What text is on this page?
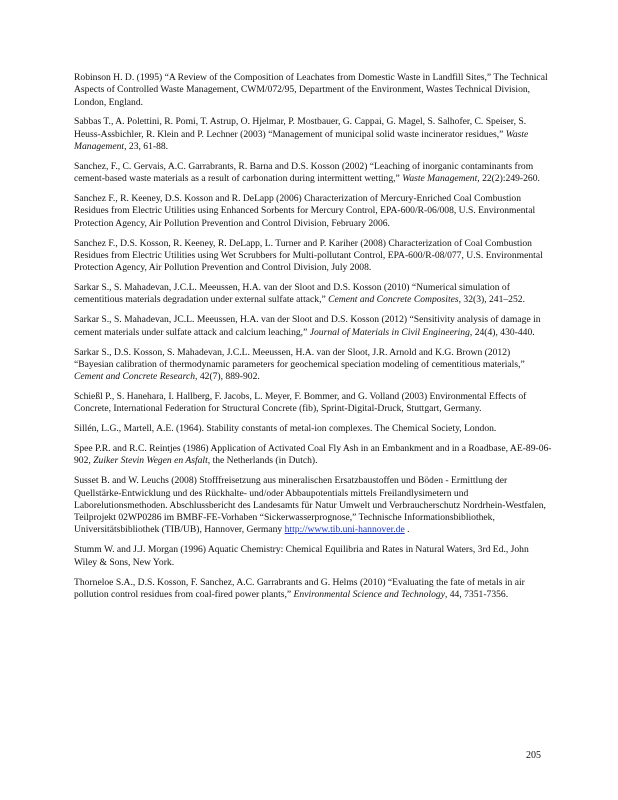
Robinson H. D. (1995) “A Review of the Composition of Leachates from Domestic Waste in Landfill Sites,” The Technical Aspects of Controlled Waste Management, CWM/072/95, Department of the Environment, Wastes Technical Division, London, England.
Sabbas T., A. Polettini, R. Pomi, T. Astrup, O. Hjelmar, P. Mostbauer, G. Cappai, G. Magel, S. Salhofer, C. Speiser, S. Heuss‐Assbichler, R. Klein and P. Lechner (2003) “Management of municipal solid waste incinerator residues,” Waste Management, 23, 61‐88.
Sanchez, F., C. Gervais, A.C. Garrabrants, R. Barna and D.S. Kosson (2002) “Leaching of inorganic contaminants from cement‐based waste materials as a result of carbonation during intermittent wetting,” Waste Management, 22(2):249‐260.
Sanchez F., R. Keeney, D.S. Kosson and R. DeLapp (2006) Characterization of Mercury‐Enriched Coal Combustion Residues from Electric Utilities using Enhanced Sorbents for Mercury Control, EPA‐600/R‐06/008, U.S. Environmental Protection Agency, Air Pollution Prevention and Control Division, February 2006.
Sanchez F., D.S. Kosson, R. Keeney, R. DeLapp, L. Turner and P. Kariher (2008) Characterization of Coal Combustion Residues from Electric Utilities using Wet Scrubbers for Multi‐pollutant Control, EPA‐600/R‐08/077, U.S. Environmental Protection Agency, Air Pollution Prevention and Control Division, July 2008.
Sarkar S., S. Mahadevan, J.C.L. Meeussen, H.A. van der Sloot and D.S. Kosson (2010) “Numerical simulation of cementitious materials degradation under external sulfate attack,” Cement and Concrete Composites, 32(3), 241–252.
Sarkar S., S. Mahadevan, JC.L. Meeussen, H.A. van der Sloot and D.S. Kosson (2012) “Sensitivity analysis of damage in cement materials under sulfate attack and calcium leaching,” Journal of Materials in Civil Engineering, 24(4), 430‐440.
Sarkar S., D.S. Kosson, S. Mahadevan, J.C.L. Meeussen, H.A. van der Sloot, J.R. Arnold and K.G. Brown (2012) “Bayesian calibration of thermodynamic parameters for geochemical speciation modeling of cementitious materials,” Cement and Concrete Research, 42(7), 889‐902.
Schießl P., S. Hanehara, I. Hallberg, F. Jacobs, L. Meyer, F. Bommer, and G. Volland (2003) Environmental Effects of Concrete, International Federation for Structural Concrete (fib), Sprint‐Digital‐Druck, Stuttgart, Germany.
Sillén, L.G., Martell, A.E. (1964). Stability constants of metal‐ion complexes. The Chemical Society, London.
Spee P.R. and R.C. Reintjes (1986) Application of Activated Coal Fly Ash in an Embankment and in a Roadbase, AE‐89‐06‐902, Zuiker Stevin Wegen en Asfalt, the Netherlands (in Dutch).
Susset B. and W. Leuchs (2008) Stofffreisetzung aus mineralischen Ersatzbaustoffen und Böden ‐ Ermittlung der Quellstärke‐Entwicklung und des Rückhalte‐ und/oder Abbaupotentials mittels Freilandlysimetern und Laborelutionsmethoden. Abschlussbericht des Landesamts für Natur Umwelt und Verbraucherschutz Nordrhein‐Westfalen, Teilprojekt 02WP0286 im BMBF‐FE‐Vorhaben “Sickerwasserprognose,” Technische Informationsbibliothek, Universitätsbibliothek (TIB/UB), Hannover, Germany http://www.tib.uni‐hannover.de .
Stumm W. and J.J. Morgan (1996) Aquatic Chemistry: Chemical Equilibria and Rates in Natural Waters, 3rd Ed., John Wiley & Sons, New York.
Thorneloe S.A., D.S. Kosson, F. Sanchez, A.C. Garrabrants and G. Helms (2010) “Evaluating the fate of metals in air pollution control residues from coal‐fired power plants,” Environmental Science and Technology, 44, 7351‐7356.
205
